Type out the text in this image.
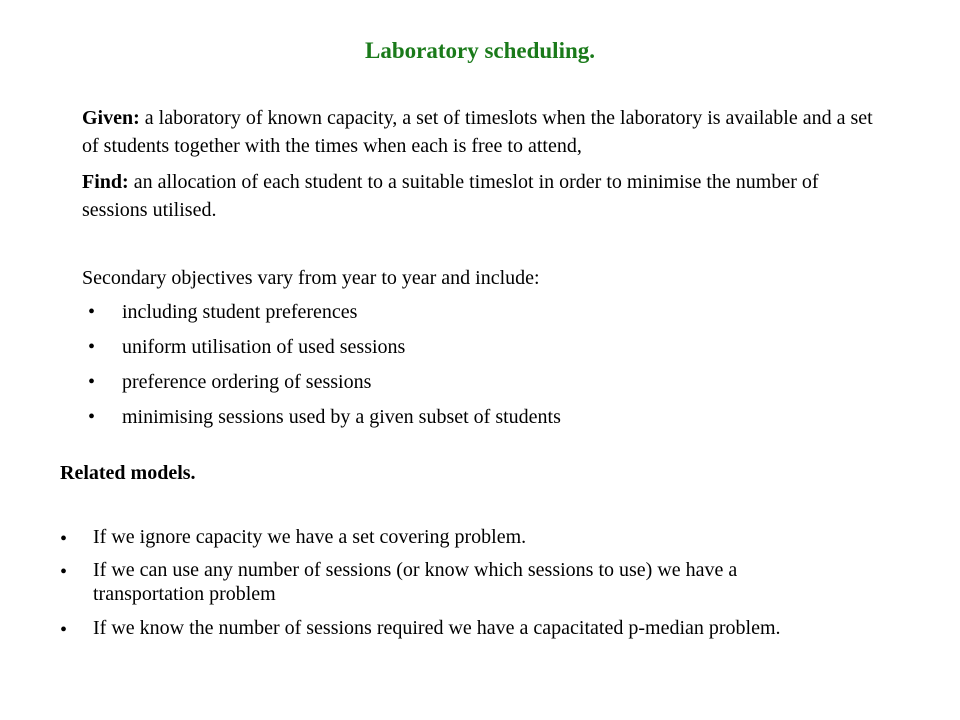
Laboratory scheduling.
Given: a laboratory of known capacity, a set of timeslots when the laboratory is available and a set of students together with the times when each is free to attend,
Find: an allocation of each student to a suitable timeslot in order to minimise the number of sessions utilised.
Secondary objectives vary from year to year and include:
• including student preferences
• uniform utilisation of used sessions
• preference ordering of sessions
• minimising sessions used by a given subset of students
Related models.
• If we ignore capacity we have a set covering problem.
• If we can use any number of sessions (or know which sessions to use) we have a transportation problem
• If we know the number of sessions required we have a capacitated p-median problem.
